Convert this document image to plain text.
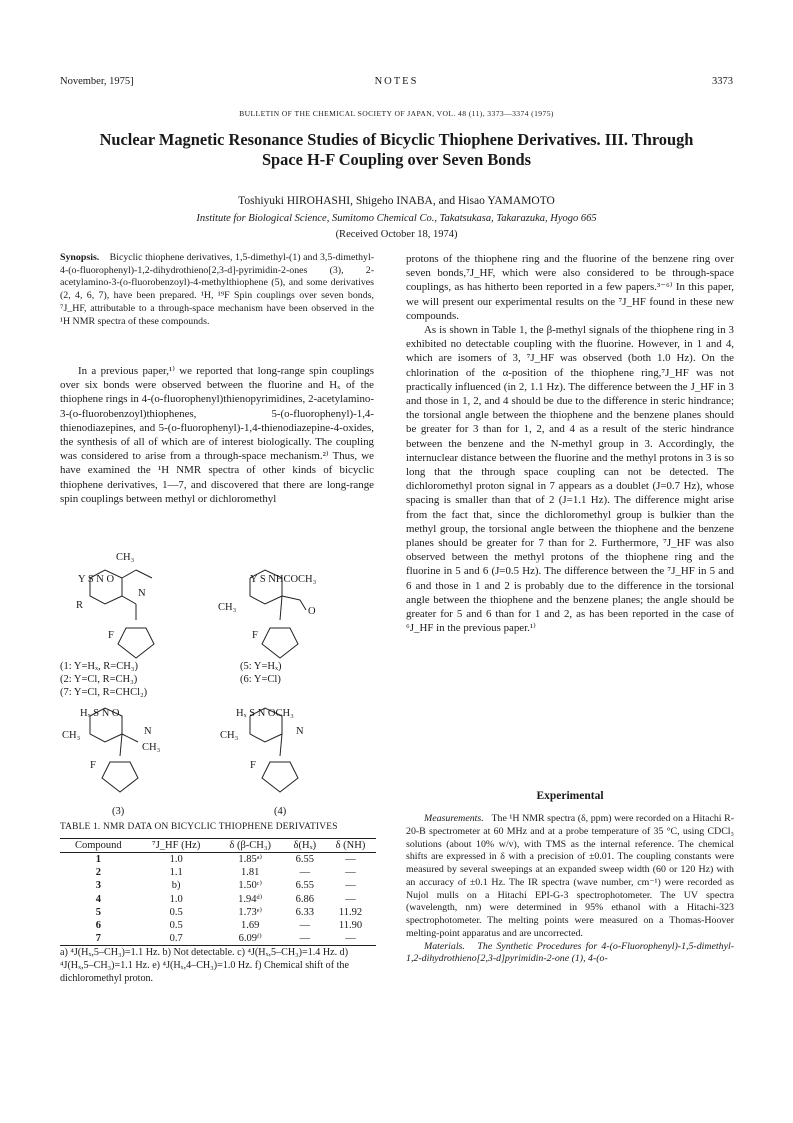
November, 1975]	NOTES	3373
BULLETIN OF THE CHEMICAL SOCIETY OF JAPAN, VOL. 48 (11), 3373—3374 (1975)
Nuclear Magnetic Resonance Studies of Bicyclic Thiophene Derivatives. III. Through Space H-F Coupling over Seven Bonds
Toshiyuki HIROHASHI, Shigeho INABA, and Hisao YAMAMOTO
Institute for Biological Science, Sumitomo Chemical Co., Takatsukasa, Takarazuka, Hyogo 665
(Received October 18, 1974)

Synopsis. Bicyclic thiophene derivatives, 1,5-dimethyl-(1) and 3,5-dimethyl-4-(o-fluorophenyl)-1,2-dihydrothieno[2,3-d]-pyrimidin-2-ones (3), 2-acetylamino-3-(o-fluorobenzoyl)-4-methylthiophene (5), and some derivatives (2, 4, 6, 7), have been prepared. ¹H, ¹⁹F Spin couplings over seven bonds, ⁷J_HF, attributable to a through-space mechanism have been observed in the ¹H NMR spectra of these compounds.

In a previous paper,¹⁾ we reported that long-range spin couplings over six bonds were observed between the fluorine and Hₓ of the thiophene rings in 4-(o-fluorophenyl)thienopyrimidines, 2-acetylamino-3-(o-fluorobenzoyl)thiophenes, 5-(o-fluorophenyl)-1,4-thienodiazepines, and 5-(o-fluorophenyl)-1,4-thienodiazepine-4-oxides, the synthesis of all of which are of interest biologically. The coupling was considered to arise from a through-space mechanism.²⁾ Thus, we have examined the ¹H NMR spectra of other kinds of bicyclic thiophene derivatives, 1—7, and discovered that there are long-range spin couplings between methyl or dichloromethyl

CH₃
Y S N O
N
R
F
Y S NHCOCH₃
CH₃	O
F
Hₓ S N O
CH₃	N
CH₃
F
(3)
Hₓ S N OCH₃
CH₃	N
F
(4)
(1: Y=Hₓ, R=CH₃)
(2: Y=Cl, R=CH₃)
(7: Y=Cl, R=CHCl₂)
(5: Y=Hₓ)
(6: Y=Cl)
TABLE 1. NMR DATA ON BICYCLIC THIOPHENE DERIVATIVES
Compound	⁷J_HF (Hz)	δ (β-CH₃)	δ(Hₓ)	δ (NH)
1	1.0	1.85ᵃ⁾	6.55	—
2	1.1	1.81	—	—
3	b)	1.50ᶜ⁾	6.55	—
4	1.0	1.94ᵈ⁾	6.86	—
5	0.5	1.73ᵉ⁾	6.33	11.92
6	0.5	1.69	—	11.90
7	0.7	6.09ᶠ⁾	—	—

a) ⁴J(Hₓ,5–CH₃)=1.1 Hz. b) Not detectable. c) ⁴J(Hₓ,5–CH₃)=1.4 Hz. d) ⁴J(Hₓ,5–CH₃)=1.1 Hz. e) ⁴J(Hₓ,4–CH₃)=1.0 Hz. f) Chemical shift of the dichloromethyl proton.

protons of the thiophene ring and the fluorine of the benzene ring over seven bonds,⁷J_HF, which were also considered to be through-space couplings, as has hitherto been reported in a few papers.³⁻⁶⁾ In this paper, we will present our experimental results on the ⁷J_HF found in these new compounds.

As is shown in Table 1, the β-methyl signals of the thiophene ring in 3 exhibited no detectable coupling with the fluorine. However, in 1 and 4, which are isomers of 3, ⁷J_HF was observed (both 1.0 Hz). On the chlorination of the α-position of the thiophene ring,⁷J_HF was not practically influenced (in 2, 1.1 Hz). The difference between the J_HF in 3 and those in 1, 2, and 4 should be due to the difference in steric hindrance; the torsional angle between the thiophene and the benzene planes should be greater for 3 than for 1, 2, and 4 as a result of the steric hindrance between the benzene and the N-methyl group in 3. Accordingly, the internuclear distance between the fluorine and the methyl protons in 3 is so long that the through space coupling can not be detected. The dichloromethyl proton signal in 7 appears as a doublet (J=0.7 Hz), whose spacing is smaller than that of 2 (J=1.1 Hz). The difference might arise from the fact that, since the dichloromethyl group is bulkier than the methyl group, the torsional angle between the thiophene and the benzene planes should be greater for 7 than for 2. Furthermore, ⁷J_HF was also observed between the methyl protons of the thiophene ring and the fluorine in 5 and 6 (J=0.5 Hz). The difference between the ⁷J_HF in 5 and 6 and those in 1 and 2 is probably due to the difference in the torsional angle between the thiophene and the benzene planes; the angle should be greater for 5 and 6 than for 1 and 2, as has been reported in the case of ⁶J_HF in the previous paper.¹⁾

Experimental

Measurements. The ¹H NMR spectra (δ, ppm) were recorded on a Hitachi R-20-B spectrometer at 60 MHz and at a probe temperature of 35 °C, using CDCl₃ solutions (about 10% w/v), with TMS as the internal reference. The chemical shifts are expressed in δ with a precision of ±0.01. The coupling constants were measured by several sweepings at an expanded sweep width (60 or 120 Hz) with an accuracy of ±0.1 Hz. The IR spectra (wave number, cm⁻¹) were recorded as Nujol mulls on a Hitachi EPI-G-3 spectrophotometer. The UV spectra (wavelength, nm) were determined in 95% ethanol with a Hitachi-323 spectrophotometer. The melting points were measured on a Thomas-Hoover melting-point apparatus and are uncorrected.

Materials. The Synthetic Procedures for 4-(o-Fluorophenyl)-1,5-dimethyl-1,2-dihydrothieno[2,3-d]pyrimidin-2-one (1), 4-(o-
